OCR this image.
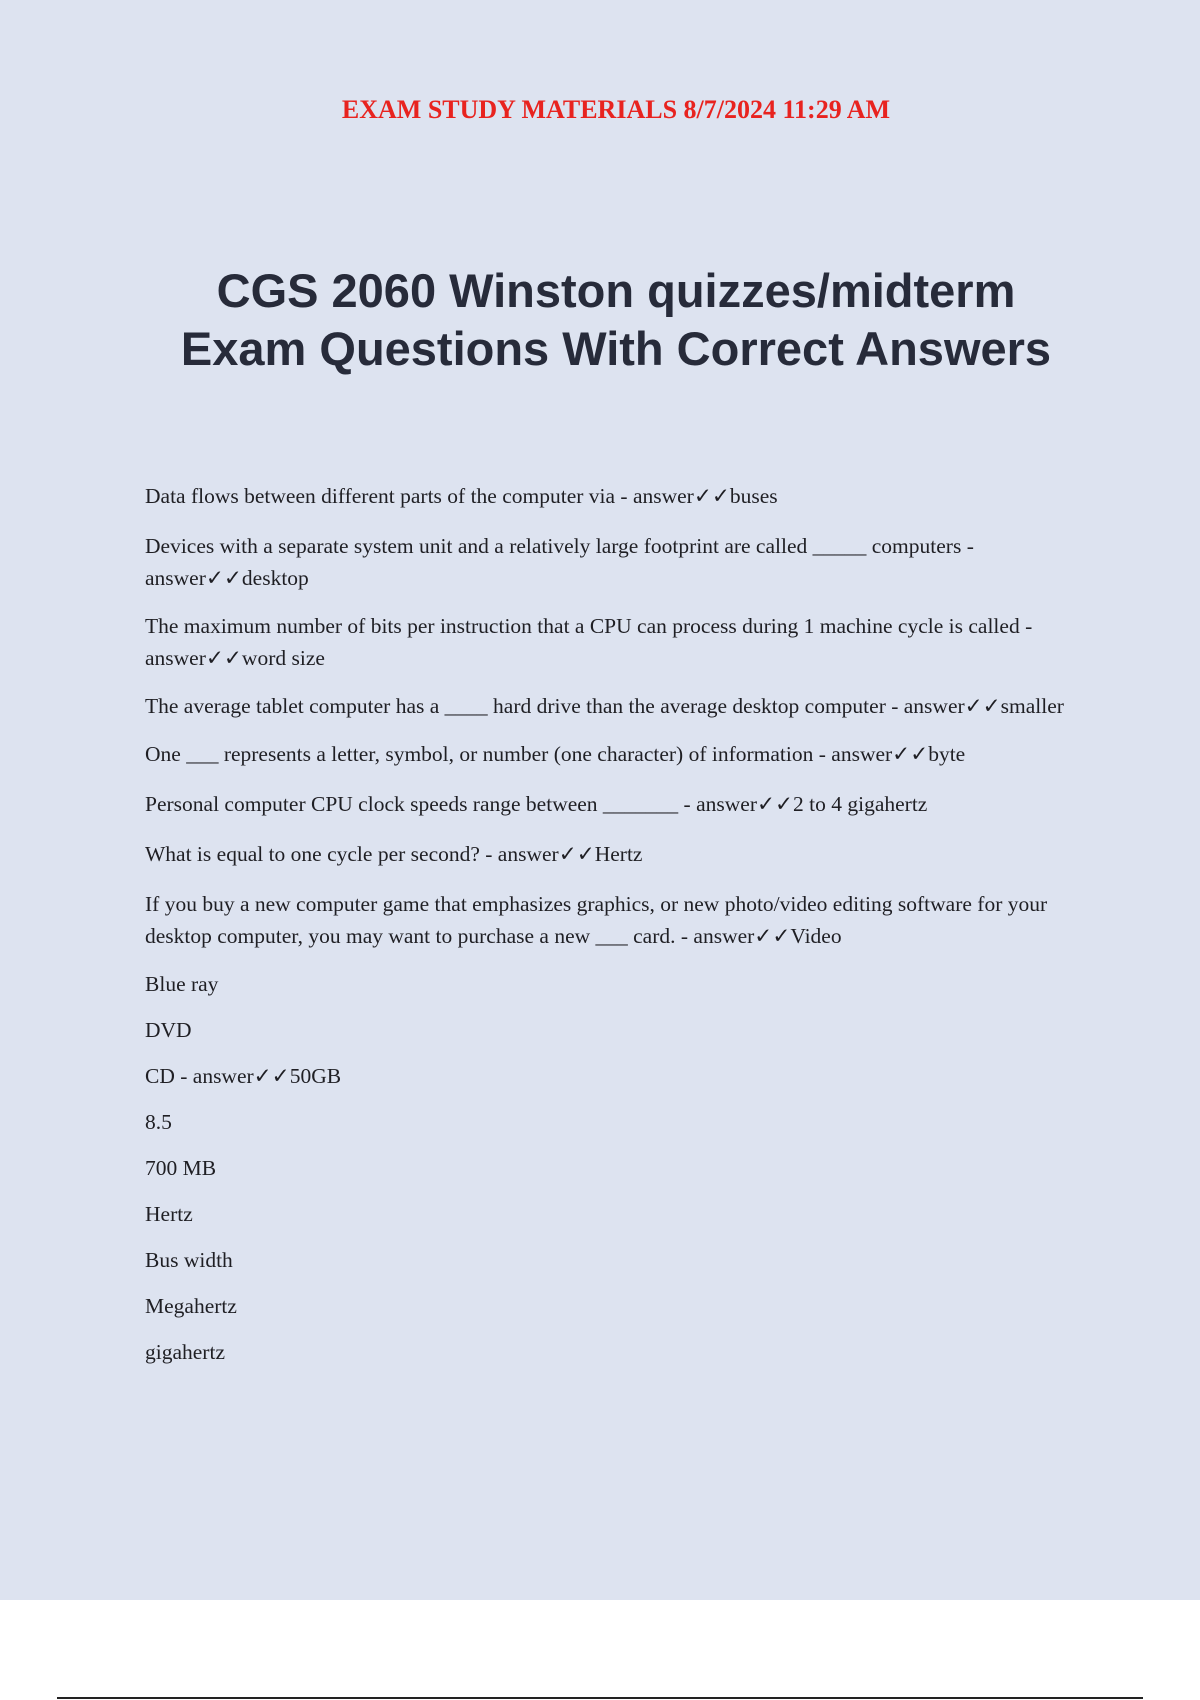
EXAM STUDY MATERIALS 8/7/2024 11:29 AM
CGS 2060 Winston quizzes/midterm
Exam Questions With Correct Answers

Data flows between different parts of the computer via - answer✓✓buses

Devices with a separate system unit and a relatively large footprint are called _____ computers - answer✓✓desktop

The maximum number of bits per instruction that a CPU can process during 1 machine cycle is called - answer✓✓word size

The average tablet computer has a ____ hard drive than the average desktop computer - answer✓✓smaller

One ___ represents a letter, symbol, or number (one character) of information - answer✓✓byte

Personal computer CPU clock speeds range between _______ - answer✓✓2 to 4 gigahertz

What is equal to one cycle per second? - answer✓✓Hertz

If you buy a new computer game that emphasizes graphics, or new photo/video editing software for your desktop computer, you may want to purchase a new ___ card. - answer✓✓Video

Blue ray

DVD

CD - answer✓✓50GB

8.5

700 MB

Hertz

Bus width

Megahertz

gigahertz
